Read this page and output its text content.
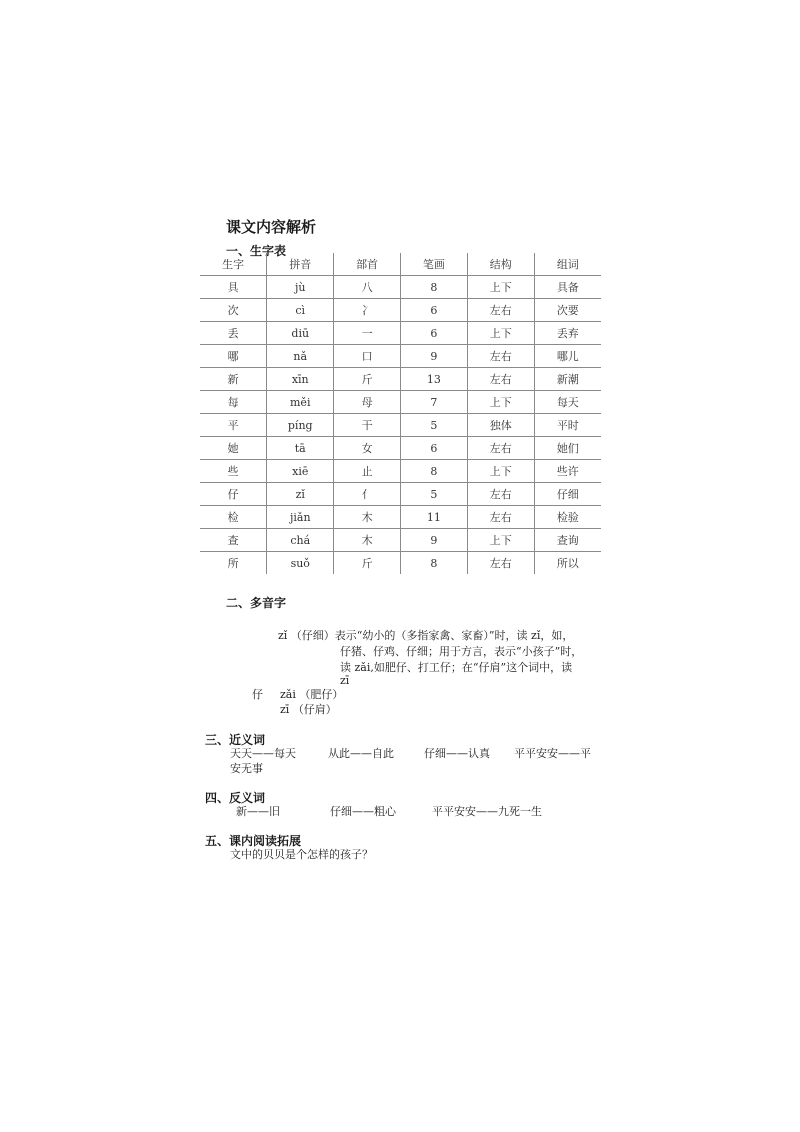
课文内容解析
一、生字表
生字	拼音	部首	笔画	结构	组词
具	jù	八	8	上下	具备
次	cì	冫	6	左右	次要
丢	diū	一	6	上下	丢弃
哪	nǎ	口	9	左右	哪儿
新	xīn	斤	13	左右	新潮
每	měi	母	7	上下	每天
平	píng	干	5	独体	平时
她	tā	女	6	左右	她们
些	xiē	止	8	上下	些许
仔	zǐ	亻	5	左右	仔细
检	jiǎn	木	11	左右	检验
查	chá	木	9	上下	查询
所	suǒ	斤	8	左右	所以
二、多音字
zǐ （仔细）表示“幼小的（多指家禽、家畜）”时，读 zǐ，如，
仔猪、仔鸡、仔细；用于方言，表示“小孩子”时，
读 zǎi,如肥仔、打工仔；在“仔肩”这个词中，读
zī
仔 zǎi （肥仔）
zī （仔肩）
三、近义词
天天——每天	从此——自此	仔细——认真 平平安安——平
安无事
四、反义词
新——旧	仔细——粗心	平平安安——九死一生
五、课内阅读拓展
文中的贝贝是个怎样的孩子？
